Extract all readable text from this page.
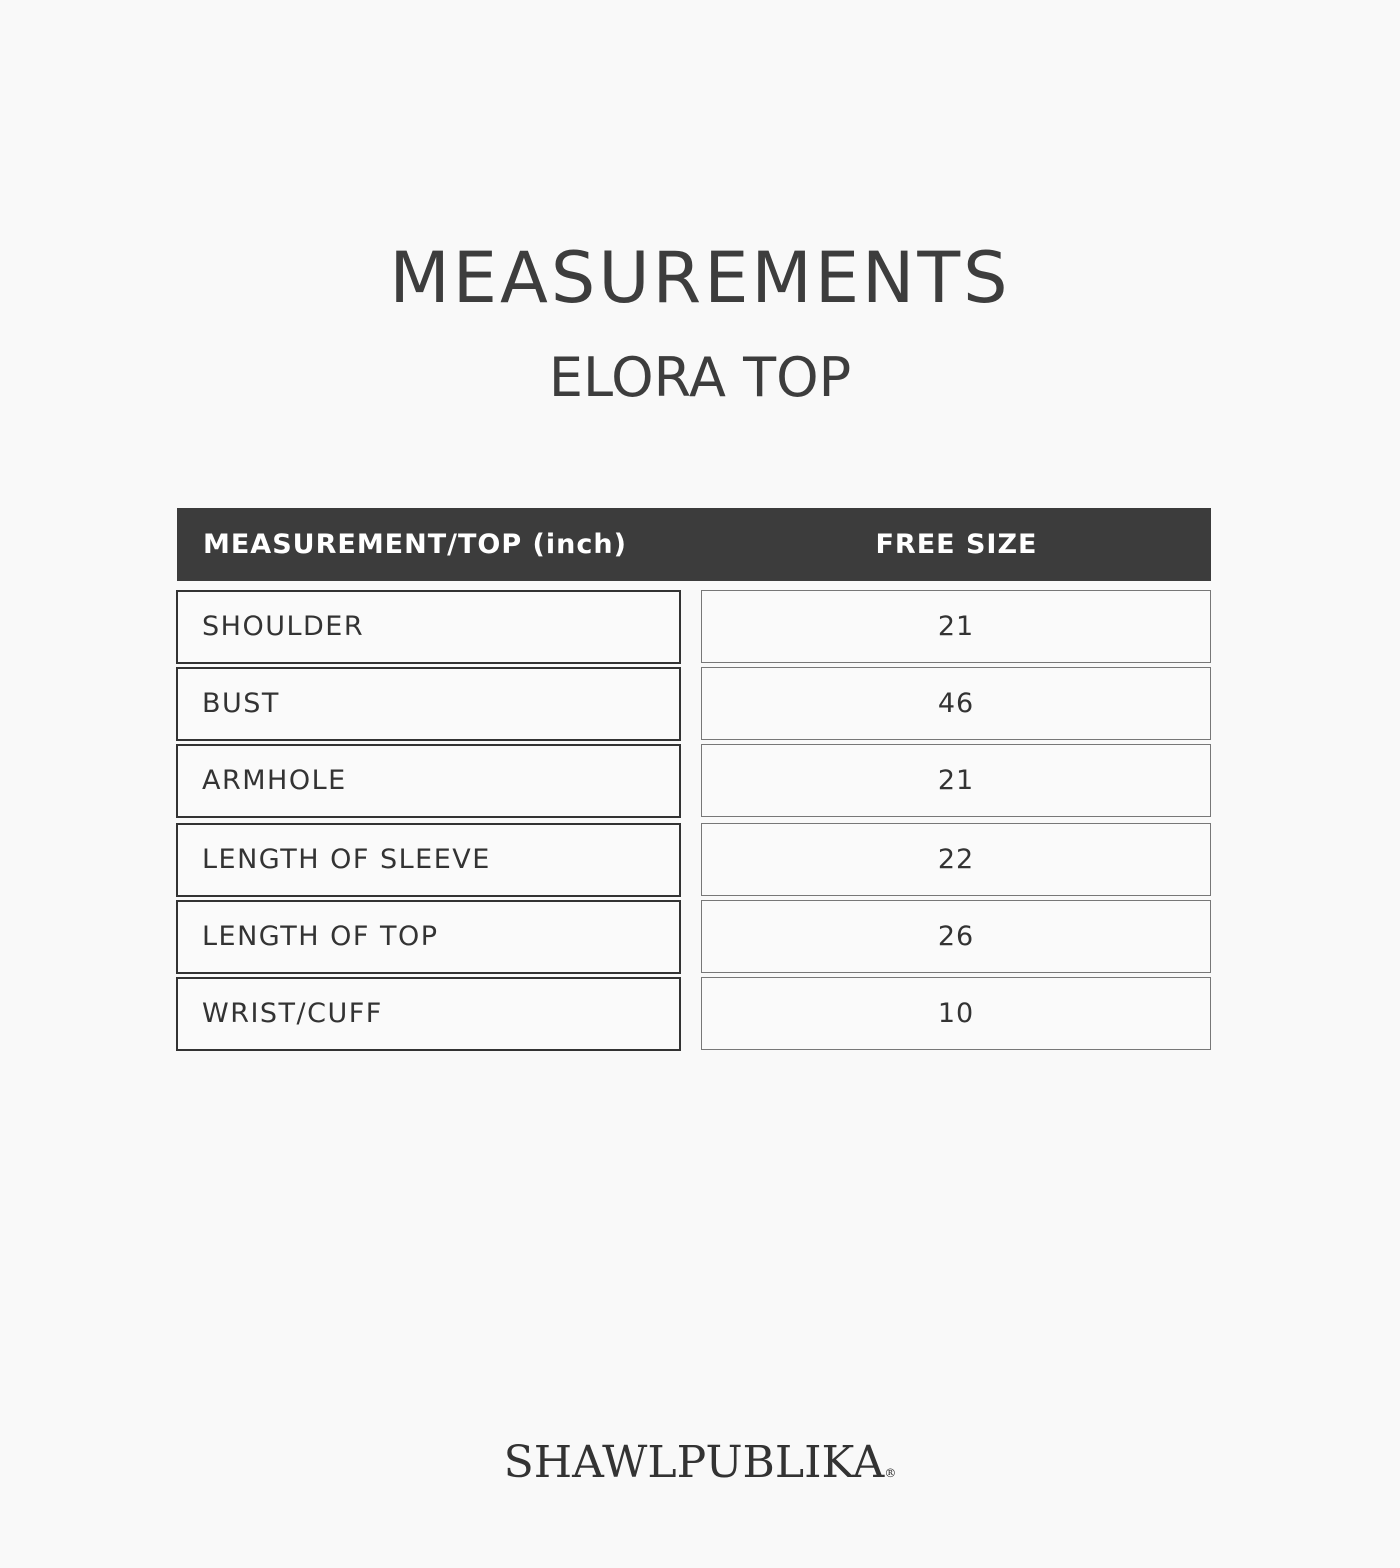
MEASUREMENTS
ELORA TOP
MEASUREMENT/TOP (inch)	FREE SIZE
SHOULDER	21
BUST	46
ARMHOLE	21
LENGTH OF SLEEVE	22
LENGTH OF TOP	26
WRIST/CUFF	10
SHAWLPUBLIKA®
